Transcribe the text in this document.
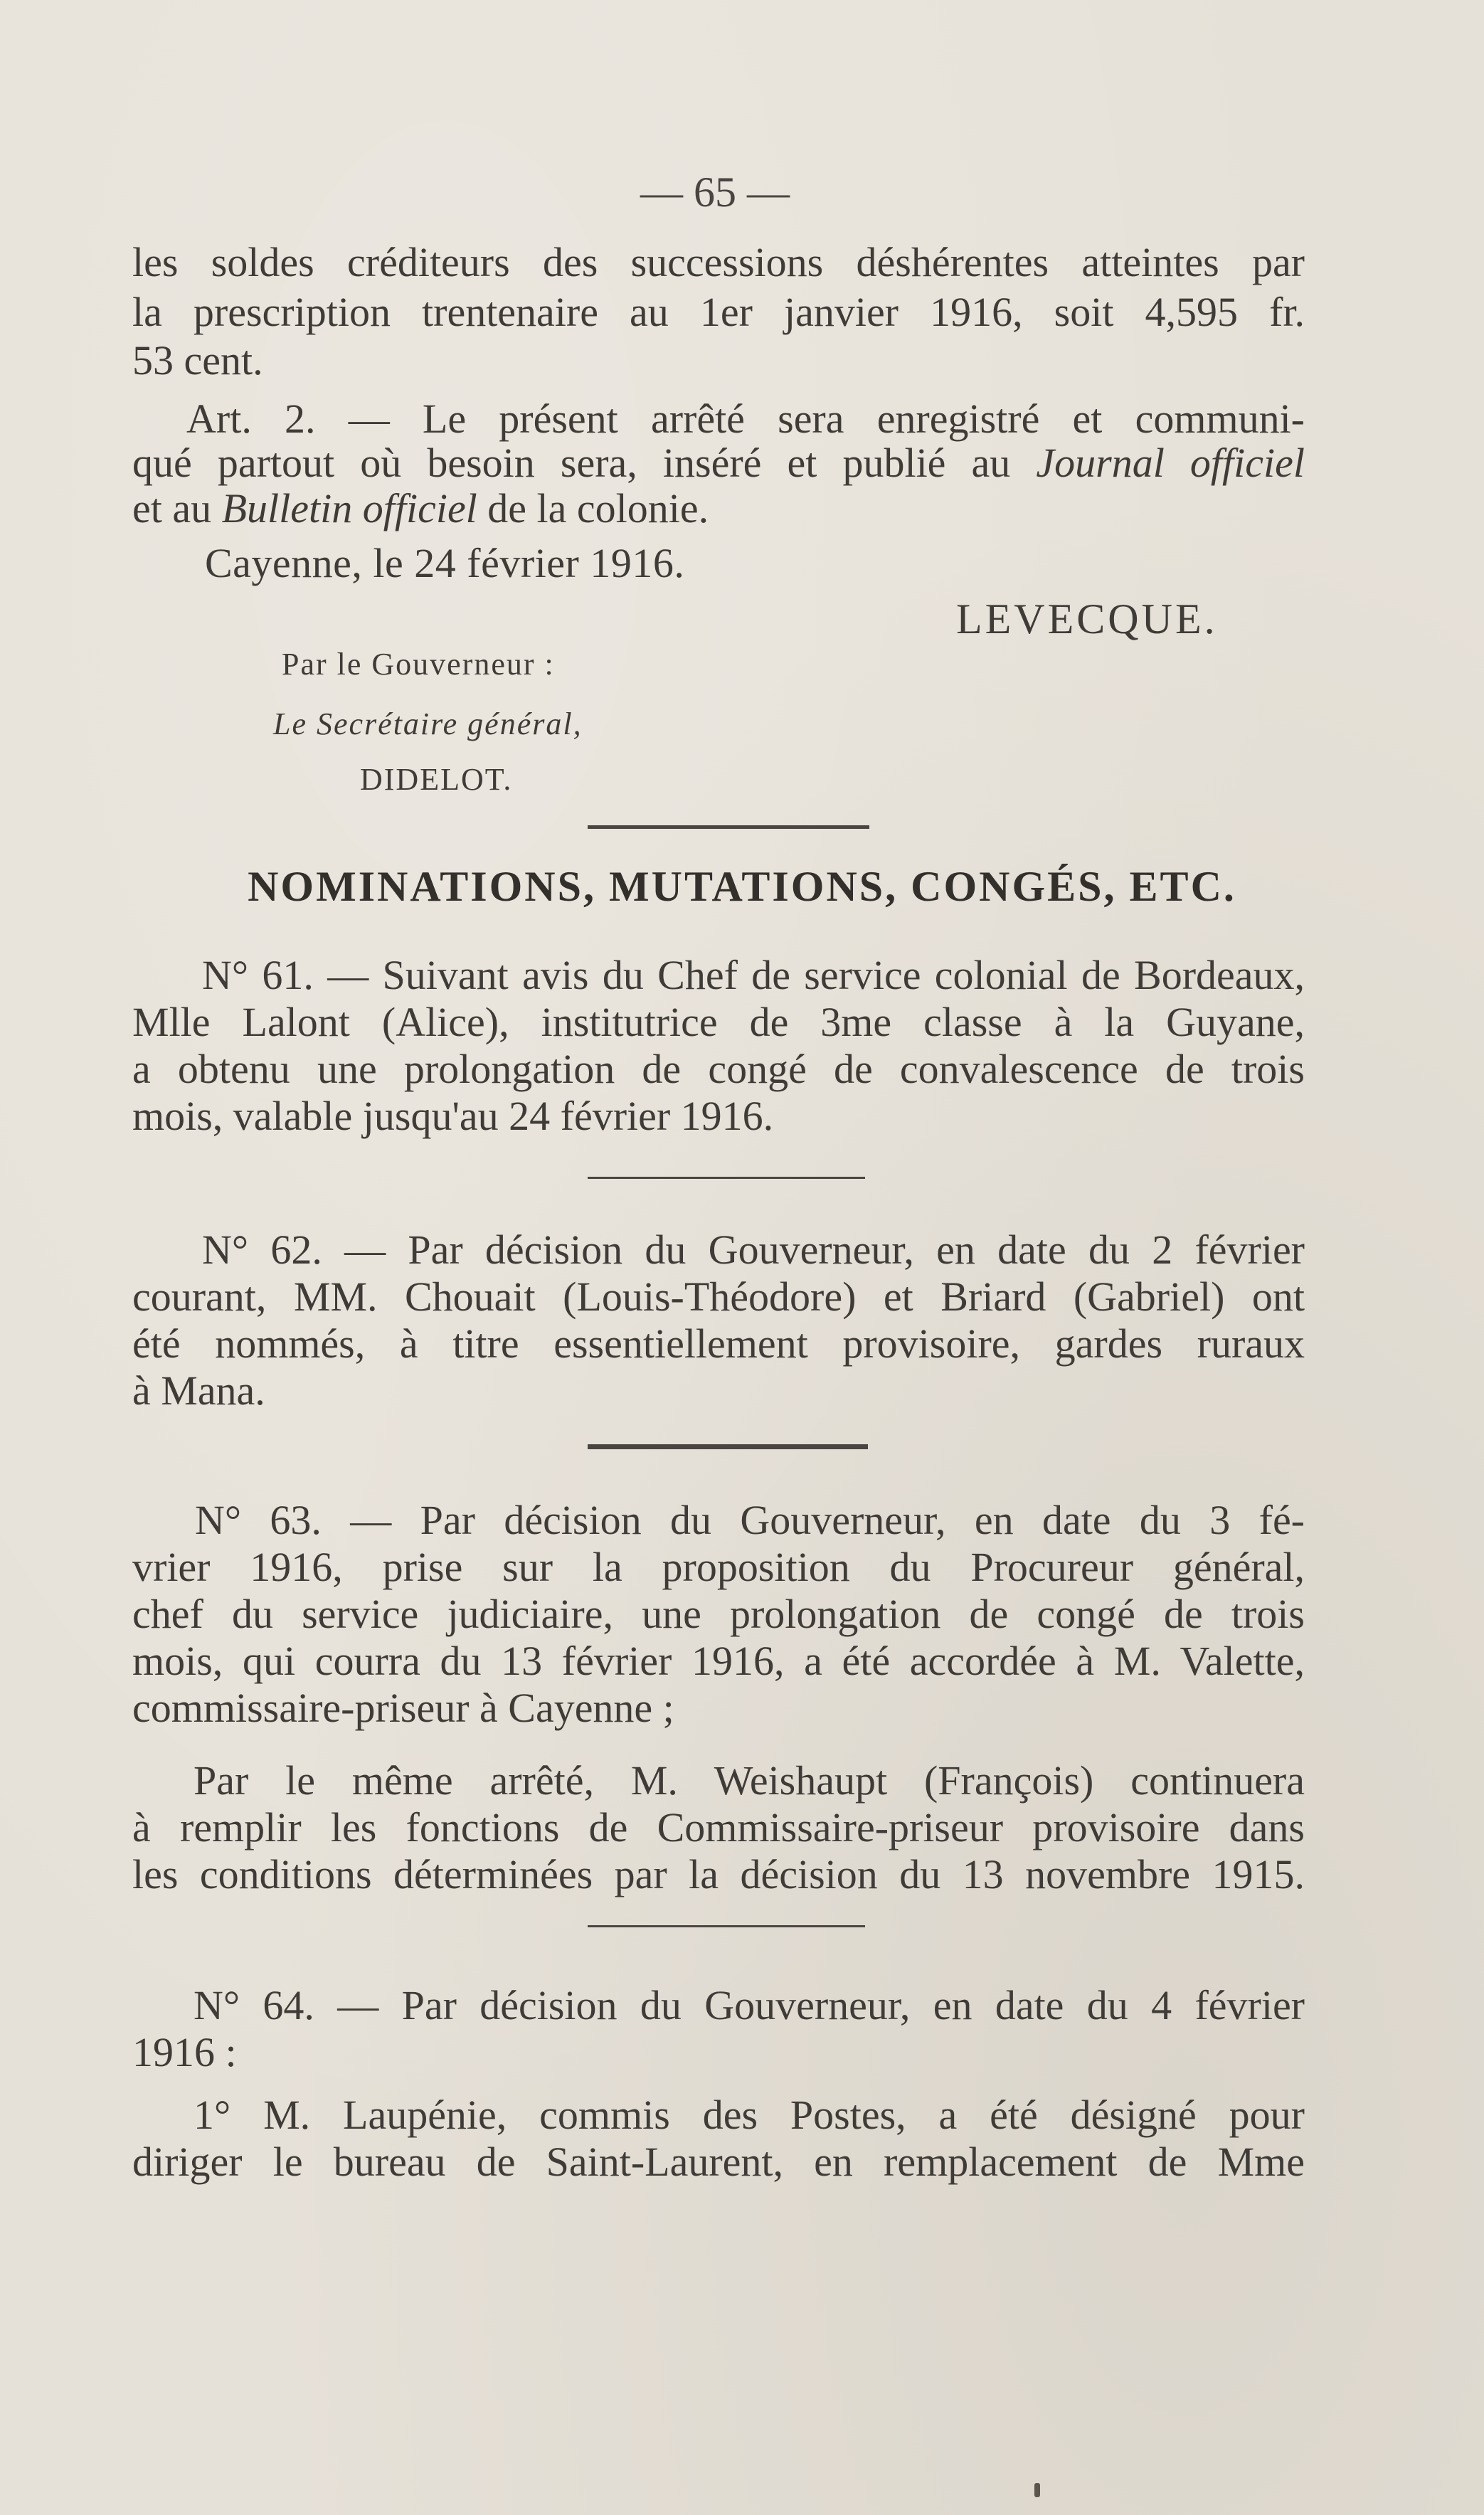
— 65 —
les soldes créditeurs des successions déshérentes atteintes par
la prescription trentenaire au 1er janvier 1916, soit 4,595 fr.
53 cent.
Art. 2. — Le présent arrêté sera enregistré et communi-
qué partout où besoin sera, inséré et publié au Journal officiel
et au Bulletin officiel de la colonie.
Cayenne, le 24 février 1916.
LEVECQUE.
Par le Gouverneur :
Le Secrétaire général,
DIDELOT.
NOMINATIONS, MUTATIONS, CONGÉS, ETC.
N° 61. — Suivant avis du Chef de service colonial de Bordeaux,
Mlle Lalont (Alice), institutrice de 3me classe à la Guyane,
a obtenu une prolongation de congé de convalescence de trois
mois, valable jusqu'au 24 février 1916.
N° 62. — Par décision du Gouverneur, en date du 2 février
courant, MM. Chouait (Louis-Théodore) et Briard (Gabriel) ont
été nommés, à titre essentiellement provisoire, gardes ruraux
à Mana.
N° 63. — Par décision du Gouverneur, en date du 3 fé-
vrier 1916, prise sur la proposition du Procureur général,
chef du service judiciaire, une prolongation de congé de trois
mois, qui courra du 13 février 1916, a été accordée à M. Valette,
commissaire-priseur à Cayenne ;
Par le même arrêté, M. Weishaupt (François) continuera
à remplir les fonctions de Commissaire-priseur provisoire dans
les conditions déterminées par la décision du 13 novembre 1915.
N° 64. — Par décision du Gouverneur, en date du 4 février
1916 :
1° M. Laupénie, commis des Postes, a été désigné pour
diriger le bureau de Saint-Laurent, en remplacement de Mme
